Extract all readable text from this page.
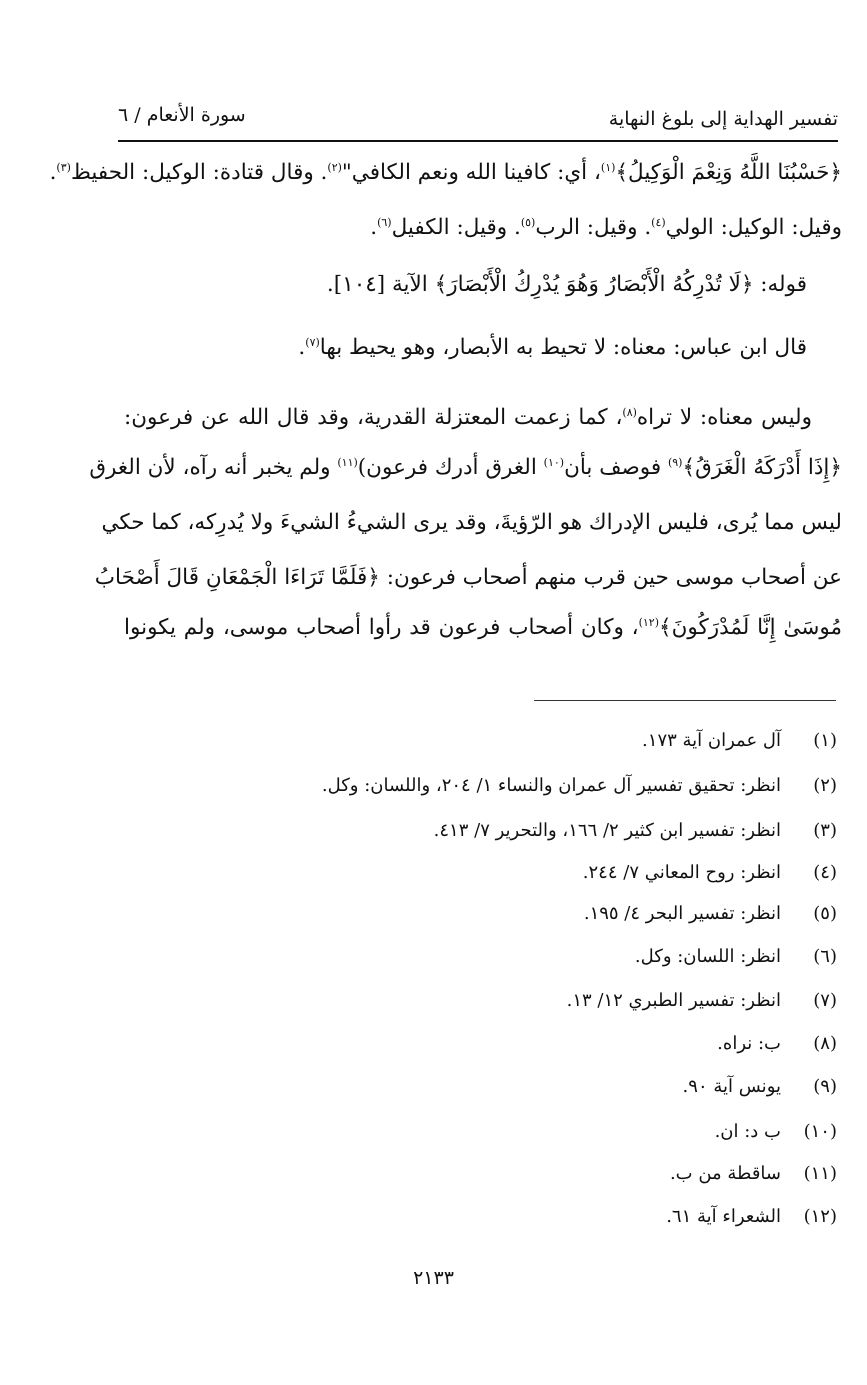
تفسير الهداية إلى بلوغ النهاية
سورة الأنعام / ٦
﴿حَسْبُنَا اللَّهُ وَنِعْمَ الْوَكِيلُ﴾$^{(١)}$، أي: كافينا الله ونعم الكافي"$^{(٢)}$. وقال قتادة: الوكيل: الحفيظ$^{(٣)}$.
وقيل: الوكيل: الولي$^{(٤)}$. وقيل: الرب$^{(٥)}$. وقيل: الكفيل$^{(٦)}$.
قوله: ﴿لَا تُدْرِكُهُ الْأَبْصَارُ وَهُوَ يُدْرِكُ الْأَبْصَارَ﴾ الآية [١٠٤].
قال ابن عباس: معناه: لا تحيط به الأبصار، وهو يحيط بها$^{(٧)}$.
وليس معناه: لا تراه$^{(٨)}$، كما زعمت المعتزلة القدرية، وقد قال الله عن فرعون:
﴿إِذَا أَدْرَكَهُ الْغَرَقُ﴾$^{(٩)}$ فوصف بأن$^{(١٠)}$ الغرق أدرك فرعون)$^{(١١)}$ ولم يخبر أنه رآه، لأن الغرق
ليس مما يُرى، فليس الإدراك هو الرّؤيةَ، وقد يرى الشيءُ الشيءَ ولا يُدرِكه، كما حكي
عن أصحاب موسى حين قرب منهم أصحاب فرعون: ﴿فَلَمَّا تَرَاءَا الْجَمْعَانِ قَالَ أَصْحَابُ
مُوسَىٰ إِنَّا لَمُدْرَكُونَ﴾$^{(١٢)}$، وكان أصحاب فرعون قد رأوا أصحاب موسى، ولم يكونوا
(١)آل عمران آية ١٧٣.
(٢)انظر: تحقيق تفسير آل عمران والنساء ١/ ٢٠٤، واللسان: وكل.
(٣)انظر: تفسير ابن كثير ٢/ ١٦٦، والتحرير ٧/ ٤١٣.
(٤)انظر: روح المعاني ٧/ ٢٤٤.
(٥)انظر: تفسير البحر ٤/ ١٩٥.
(٦)انظر: اللسان: وكل.
(٧)انظر: تفسير الطبري ١٢/ ١٣.
(٨)ب: نراه.
(٩)يونس آية ٩٠.
(١٠)ب د: ان.
(١١)ساقطة من ب.
(١٢)الشعراء آية ٦١.
٢١٣٣
